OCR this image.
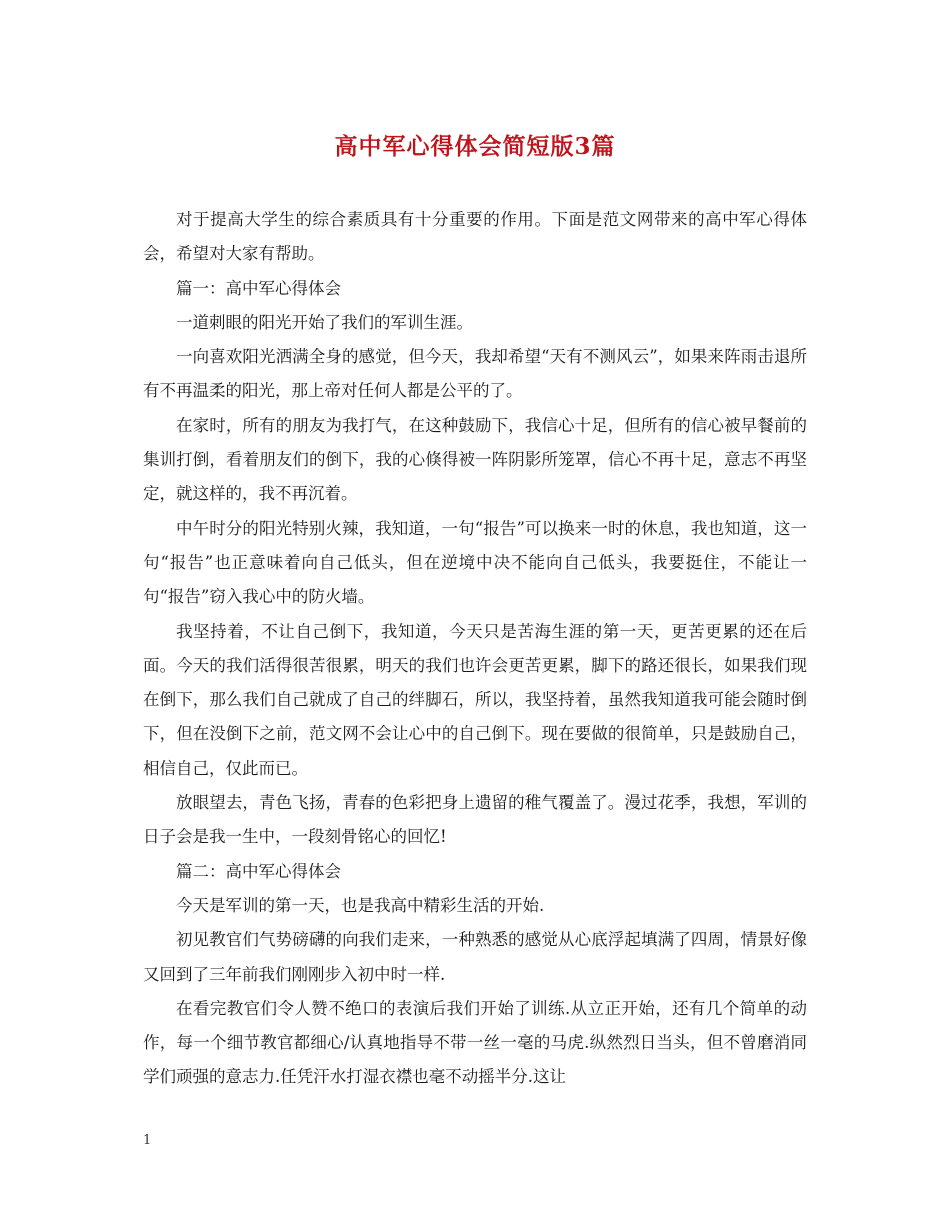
高中军心得体会简短版3篇

对于提高大学生的综合素质具有十分重要的作用。下面是范文网带来的高中军心得体会，希望对大家有帮助。

篇一：高中军心得体会

一道刺眼的阳光开始了我们的军训生涯。

一向喜欢阳光洒满全身的感觉，但今天，我却希望“天有不测风云”，如果来阵雨击退所有不再温柔的阳光，那上帝对任何人都是公平的了。

在家时，所有的朋友为我打气，在这种鼓励下，我信心十足，但所有的信心被早餐前的集训打倒，看着朋友们的倒下，我的心倏得被一阵阴影所笼罩，信心不再十足，意志不再坚定，就这样的，我不再沉着。

中午时分的阳光特别火辣，我知道，一句“报告”可以换来一时的休息，我也知道，这一句“报告”也正意味着向自己低头，但在逆境中决不能向自己低头，我要挺住，不能让一句“报告”窃入我心中的防火墙。

我坚持着，不让自己倒下，我知道，今天只是苦海生涯的第一天，更苦更累的还在后面。今天的我们活得很苦很累，明天的我们也许会更苦更累，脚下的路还很长，如果我们现在倒下，那么我们自己就成了自己的绊脚石，所以，我坚持着，虽然我知道我可能会随时倒下，但在没倒下之前，范文网不会让心中的自己倒下。现在要做的很简单，只是鼓励自己，相信自己，仅此而已。

放眼望去，青色飞扬，青春的色彩把身上遗留的稚气覆盖了。漫过花季，我想，军训的日子会是我一生中，一段刻骨铭心的回忆!

篇二：高中军心得体会

今天是军训的第一天，也是我高中精彩生活的开始.

初见教官们气势磅礴的向我们走来，一种熟悉的感觉从心底浮起填满了四周，情景好像又回到了三年前我们刚刚步入初中时一样.

在看完教官们令人赞不绝口的表演后我们开始了训练.从立正开始，还有几个简单的动作，每一个细节教官都细心/认真地指导不带一丝一毫的马虎.纵然烈日当头，但不曾磨消同学们顽强的意志力.任凭汗水打湿衣襟也毫不动摇半分.这让

1
